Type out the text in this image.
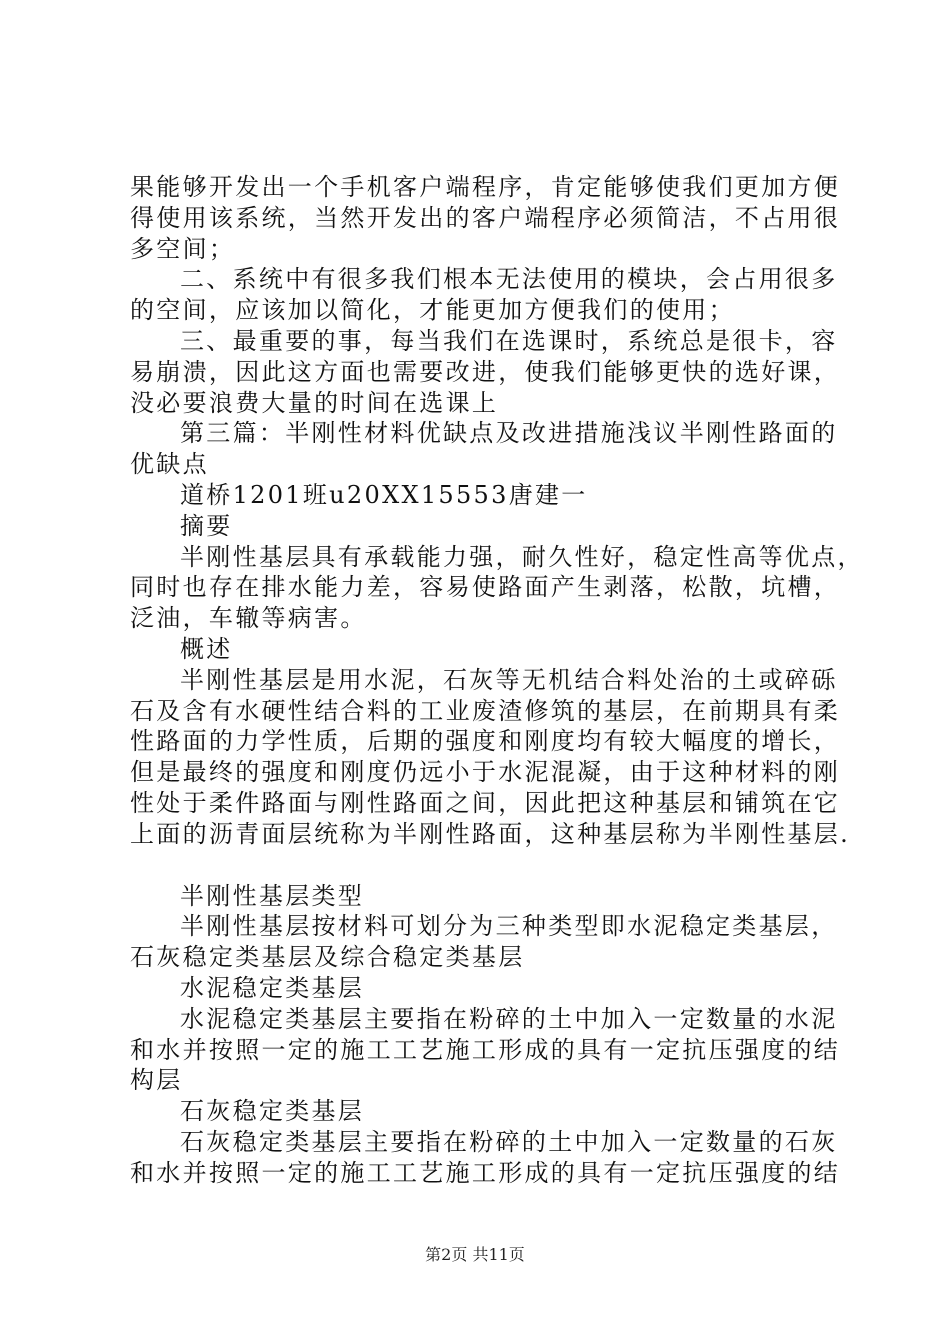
果能够开发出一个手机客户端程序，肯定能够使我们更加方便
得使用该系统，当然开发出的客户端程序必须简洁，不占用很
多空间；
二、系统中有很多我们根本无法使用的模块，会占用很多
的空间，应该加以简化，才能更加方便我们的使用；
三、最重要的事，每当我们在选课时，系统总是很卡，容
易崩溃，因此这方面也需要改进，使我们能够更快的选好课，
没必要浪费大量的时间在选课上
第三篇：半刚性材料优缺点及改进措施浅议半刚性路面的
优缺点
道桥1201班u20XX15553唐建一
摘要
半刚性基层具有承载能力强，耐久性好，稳定性高等优点，
同时也存在排水能力差，容易使路面产生剥落，松散，坑槽，
泛油，车辙等病害。
概述
半刚性基层是用水泥，石灰等无机结合料处治的土或碎砾
石及含有水硬性结合料的工业废渣修筑的基层，在前期具有柔
性路面的力学性质，后期的强度和刚度均有较大幅度的增长，
但是最终的强度和刚度仍远小于水泥混凝，由于这种材料的刚
性处于柔件路面与刚性路面之间，因此把这种基层和铺筑在它
上面的沥青面层统称为半刚性路面，这种基层称为半刚性基层.
半刚性基层类型
半刚性基层按材料可划分为三种类型即水泥稳定类基层，
石灰稳定类基层及综合稳定类基层
水泥稳定类基层
水泥稳定类基层主要指在粉碎的土中加入一定数量的水泥
和水并按照一定的施工工艺施工形成的具有一定抗压强度的结
构层
石灰稳定类基层
石灰稳定类基层主要指在粉碎的土中加入一定数量的石灰
和水并按照一定的施工工艺施工形成的具有一定抗压强度的结
第2页 共11页
